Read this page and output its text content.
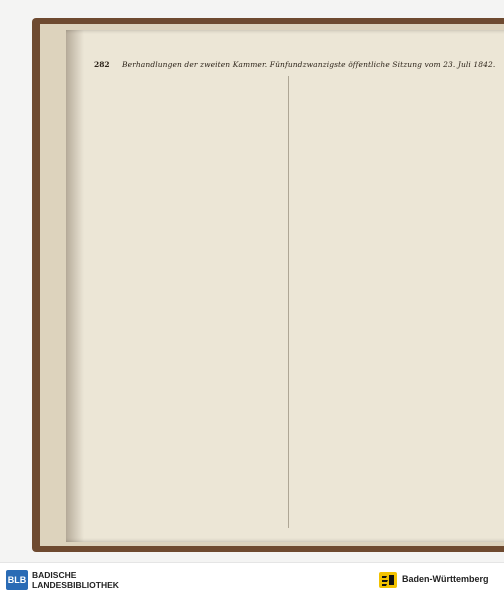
282 Berhandlungen der zweiten Kammer. Fünfundzwanzigste öffentliche Sitzung vom 23. Juli 1842.
BLB BADISCHE
LANDESBIBLIOTHEK
Baden-Württemberg
